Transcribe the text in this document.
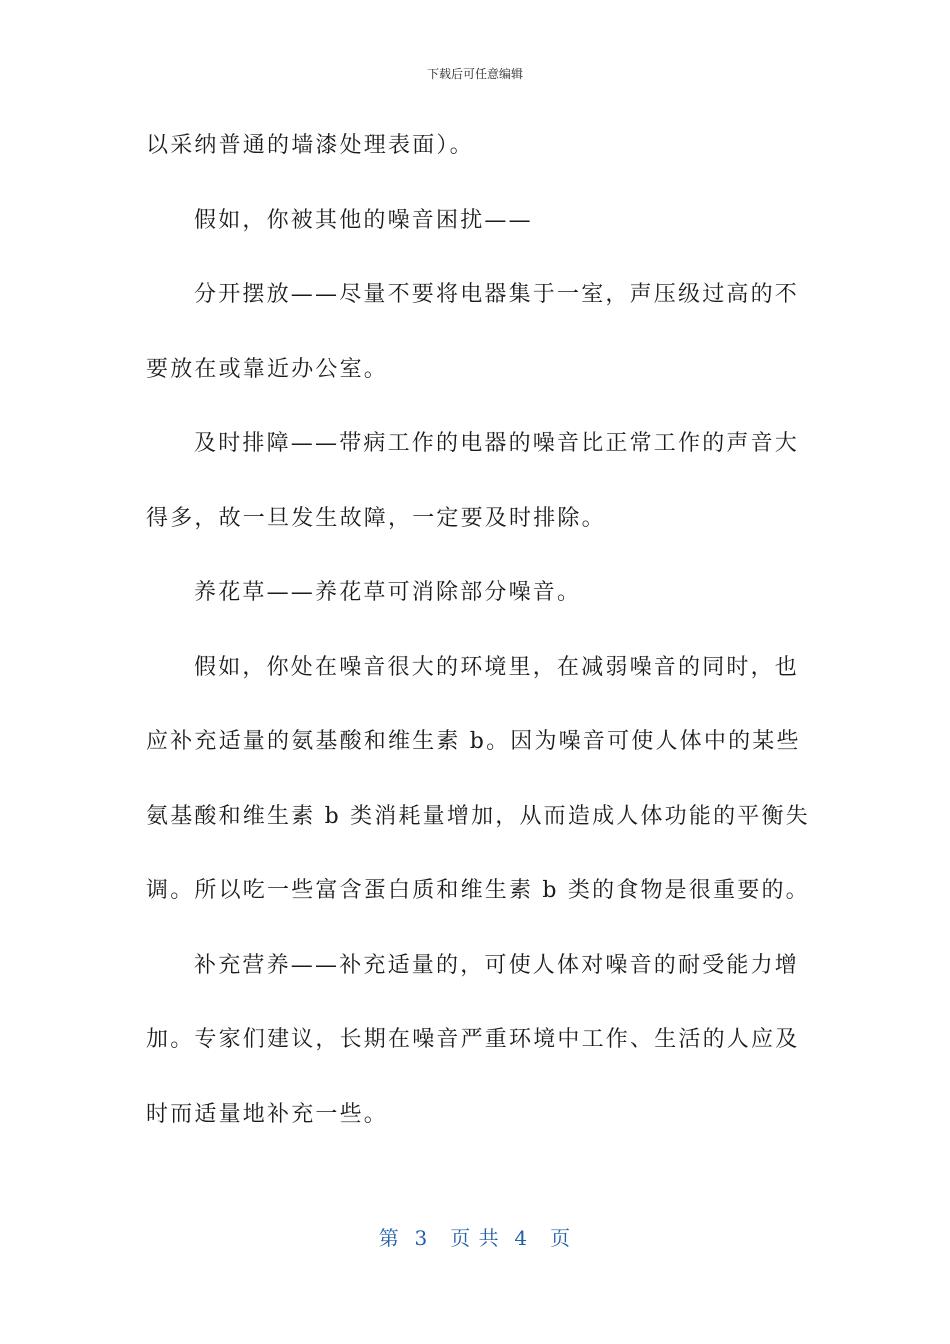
下载后可任意编辑
以采纳普通的墙漆处理表面）。
假如，你被其他的噪音困扰——
分开摆放——尽量不要将电器集于一室，声压级过高的不
要放在或靠近办公室。
及时排障——带病工作的电器的噪音比正常工作的声音大
得多，故一旦发生故障，一定要及时排除。
养花草——养花草可消除部分噪音。
假如，你处在噪音很大的环境里，在减弱噪音的同时，也
应补充适量的氨基酸和维生素 b。因为噪音可使人体中的某些
氨基酸和维生素 b 类消耗量增加，从而造成人体功能的平衡失
调。所以吃一些富含蛋白质和维生素 b 类的食物是很重要的。
补充营养——补充适量的，可使人体对噪音的耐受能力增
加。专家们建议，长期在噪音严重环境中工作、生活的人应及
时而适量地补充一些。
第  3   页 共  4   页
